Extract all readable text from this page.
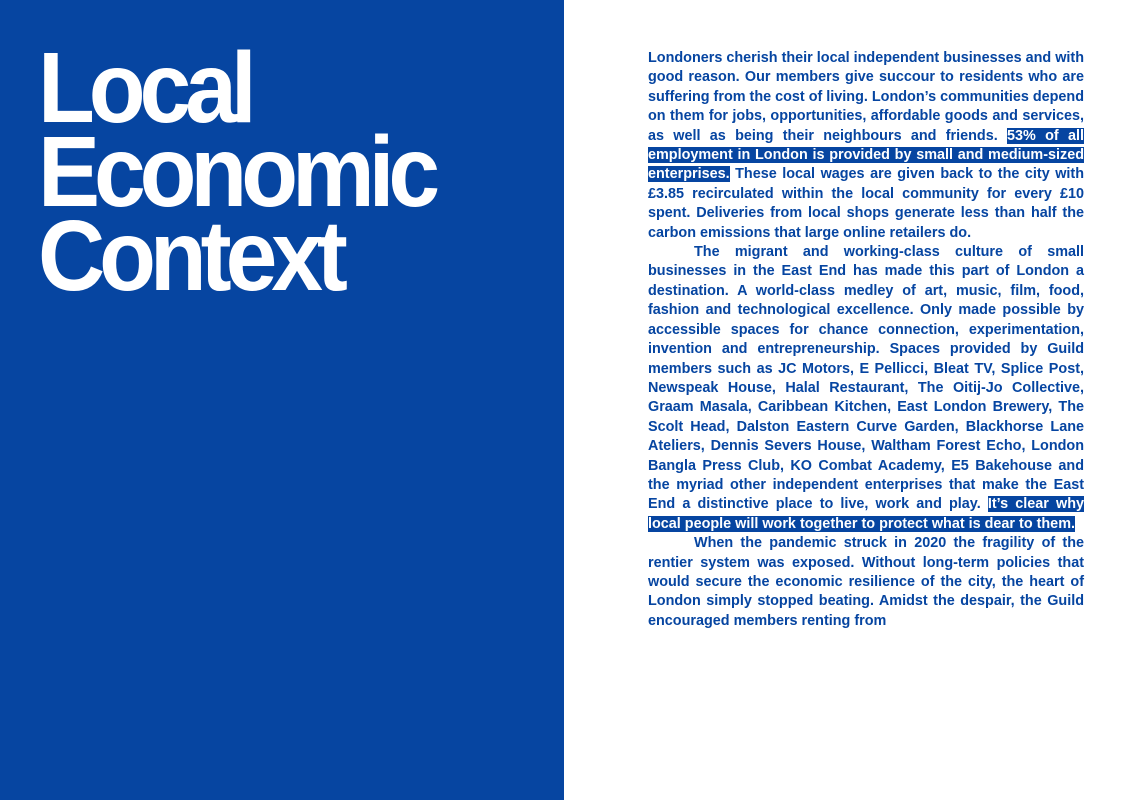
Local
Economic
Context

Londoners cherish their local independent businesses and with good reason. Our members give succour to residents who are suffering from the cost of living. London’s communities depend on them for jobs, opportunities, affordable goods and services, as well as being their neighbours and friends. 53% of all employment in London is provided by small and medium-sized enterprises. These local wages are given back to the city with £3.85 recirculated within the local community for every £10 spent. Deliveries from local shops generate less than half the carbon emissions that large online retailers do.

The migrant and working-class culture of small businesses in the East End has made this part of London a destination. A world-class medley of art, music, film, food, fashion and technological excellence. Only made possible by accessible spaces for chance connection, experimentation, invention and entrepreneurship. Spaces provided by Guild members such as JC Motors, E Pellicci, Bleat TV, Splice Post, Newspeak House, Halal Restaurant, The Oitij-Jo Collective, Graam Masala, Caribbean Kitchen, East London Brewery, The Scolt Head, Dalston Eastern Curve Garden, Blackhorse Lane Ateliers, Dennis Severs House, Waltham Forest Echo, London Bangla Press Club, KO Combat Academy, E5 Bakehouse and the myriad other independent enterprises that make the East End a distinctive place to live, work and play. It’s clear why local people will work together to protect what is dear to them.

When the pandemic struck in 2020 the fragility of the rentier system was exposed. Without long-term policies that would secure the economic resilience of the city, the heart of London simply stopped beating. Amidst the despair, the Guild encouraged members renting from
